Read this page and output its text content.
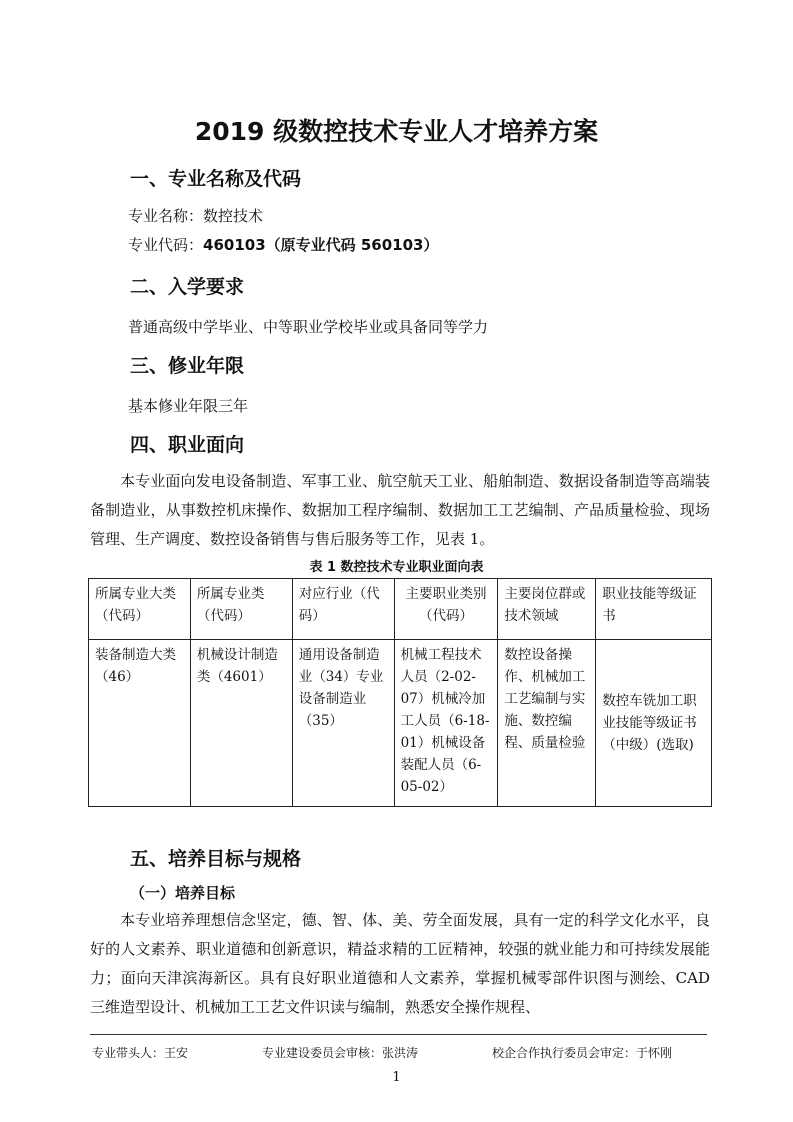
2019 级数控技术专业人才培养方案
一、专业名称及代码
专业名称：数控技术
专业代码：460103（原专业代码 560103）
二、入学要求
普通高级中学毕业、中等职业学校毕业或具备同等学力
三、修业年限
基本修业年限三年
四、职业面向
本专业面向发电设备制造、军事工业、航空航天工业、船舶制造、数据设备制造等高端装备制造业，从事数控机床操作、数据加工程序编制、数据加工工艺编制、产品质量检验、现场管理、生产调度、数控设备销售与售后服务等工作，见表 1。
表 1 数控技术专业职业面向表
所属专业大类（代码）	所属专业类（代码）	对应行业（代码）	主要职业类别（代码）	主要岗位群或技术领域	职业技能等级证书
装备制造大类（46）	机械设计制造类（4601）	通用设备制造业（34）专业设备制造业（35）	机械工程技术人员（2-02-07）机械冷加工人员（6-18-01）机械设备装配人员（6-05-02）	数控设备操作、机械加工工艺编制与实施、数控编程、质量检验	数控车铣加工职业技能等级证书（中级）(选取)
五、培养目标与规格
（一）培养目标
本专业培养理想信念坚定，德、智、体、美、劳全面发展，具有一定的科学文化水平，良好的人文素养、职业道德和创新意识，精益求精的工匠精神，较强的就业能力和可持续发展能力；面向天津滨海新区。具有良好职业道德和人文素养，掌握机械零部件识图与测绘、CAD 三维造型设计、机械加工工艺文件识读与编制，熟悉安全操作规程、
专业带头人：王安	专业建设委员会审核：张洪涛	校企合作执行委员会审定：于怀刚
1
